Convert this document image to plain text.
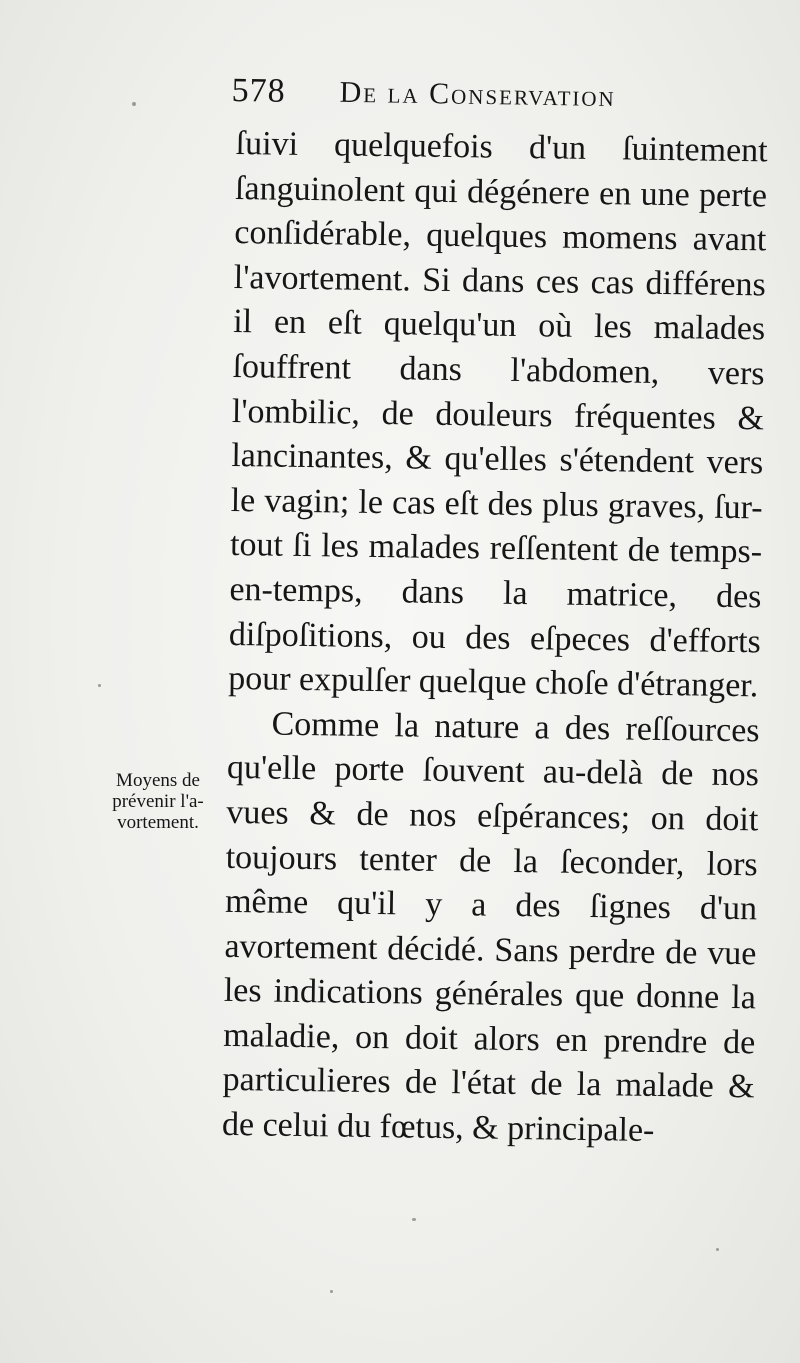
578 De la Conservation
Moyens de
prévenir l'a-
vortement.

ſuivi quelquefois d'un ſuintement ſanguinolent qui dégénere en une perte conſidérable, quelques momens avant l'avortement. Si dans ces cas différens il en eſt quelqu'un où les malades ſouffrent dans l'abdomen, vers l'ombilic, de douleurs fréquentes & lancinantes, & qu'elles s'étendent vers le vagin; le cas eſt des plus graves, ſur-tout ſi les malades reſſentent de temps-en-temps, dans la matrice, des diſpoſitions, ou des eſpeces d'efforts pour expulſer quelque choſe d'étranger.

Comme la nature a des reſſources qu'elle porte ſouvent au-delà de nos vues & de nos eſpérances; on doit toujours tenter de la ſeconder, lors même qu'il y a des ſignes d'un avortement décidé. Sans perdre de vue les indications générales que donne la maladie, on doit alors en prendre de particulieres de l'état de la malade & de celui du fœtus, & principale-
